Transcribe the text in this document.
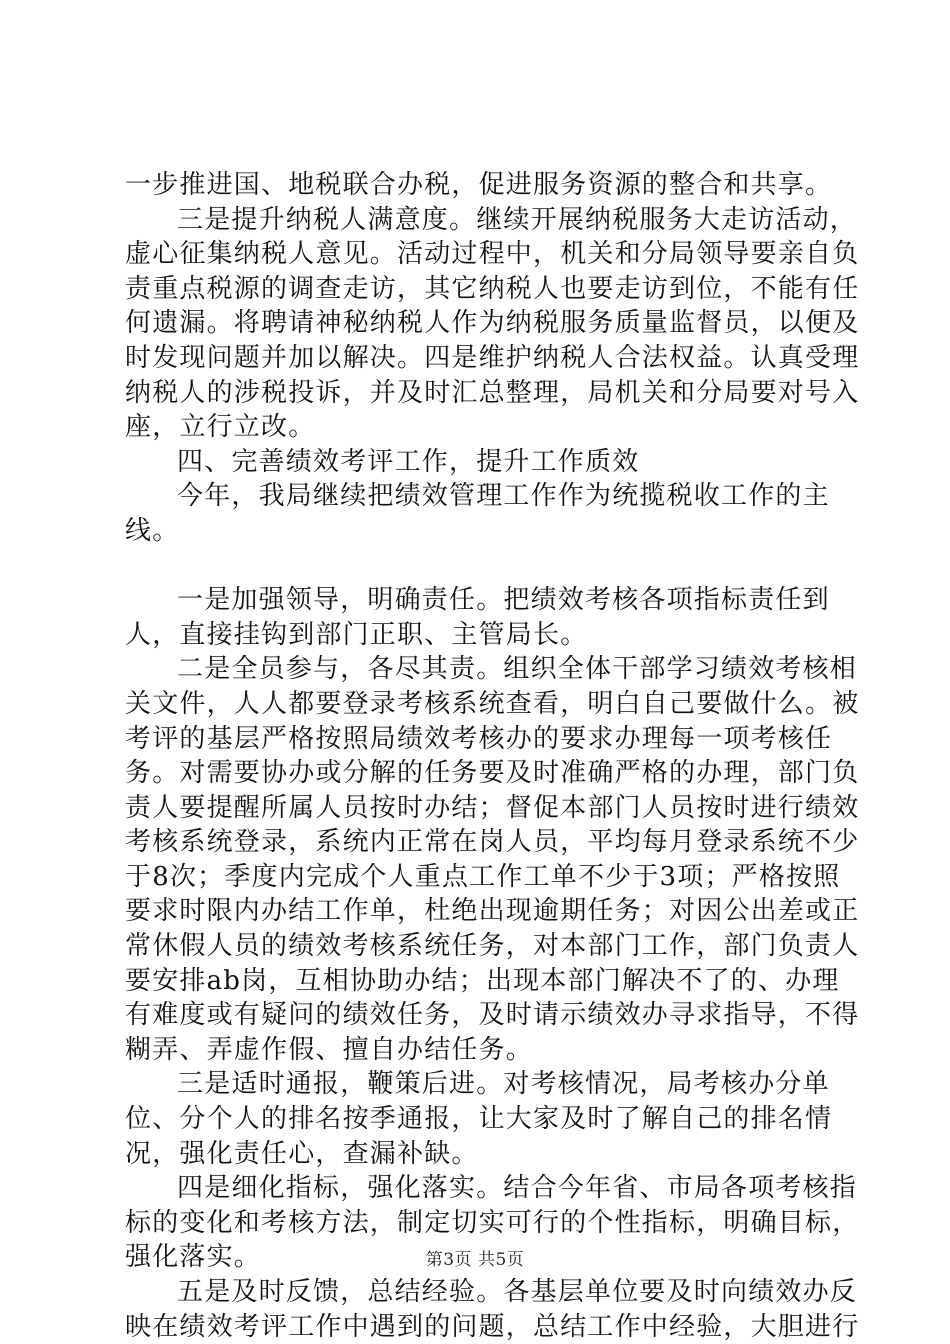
一步推进国、地税联合办税，促进服务资源的整合和共享。

三是提升纳税人满意度。继续开展纳税服务大走访活动，虚心征集纳税人意见。活动过程中，机关和分局领导要亲自负责重点税源的调查走访，其它纳税人也要走访到位，不能有任何遗漏。将聘请神秘纳税人作为纳税服务质量监督员，以便及时发现问题并加以解决。四是维护纳税人合法权益。认真受理纳税人的涉税投诉，并及时汇总整理，局机关和分局要对号入座，立行立改。

四、完善绩效考评工作，提升工作质效

今年，我局继续把绩效管理工作作为统揽税收工作的主线。

一是加强领导，明确责任。把绩效考核各项指标责任到人，直接挂钩到部门正职、主管局长。

二是全员参与，各尽其责。组织全体干部学习绩效考核相关文件，人人都要登录考核系统查看，明白自己要做什么。被考评的基层严格按照局绩效考核办的要求办理每一项考核任务。对需要协办或分解的任务要及时准确严格的办理，部门负责人要提醒所属人员按时办结；督促本部门人员按时进行绩效考核系统登录，系统内正常在岗人员，平均每月登录系统不少于8次；季度内完成个人重点工作工单不少于3项；严格按照要求时限内办结工作单，杜绝出现逾期任务；对因公出差或正常休假人员的绩效考核系统任务，对本部门工作，部门负责人要安排ab岗，互相协助办结；出现本部门解决不了的、办理有难度或有疑问的绩效任务，及时请示绩效办寻求指导，不得糊弄、弄虚作假、擅自办结任务。

三是适时通报，鞭策后进。对考核情况，局考核办分单位、分个人的排名按季通报，让大家及时了解自己的排名情况，强化责任心，查漏补缺。

四是细化指标，强化落实。结合今年省、市局各项考核指标的变化和考核方法，制定切实可行的个性指标，明确目标，强化落实。

五是及时反馈，总结经验。各基层单位要及时向绩效办反映在绩效考评工作中遇到的问题，总结工作中经验，大胆进行

第3页 共5页
